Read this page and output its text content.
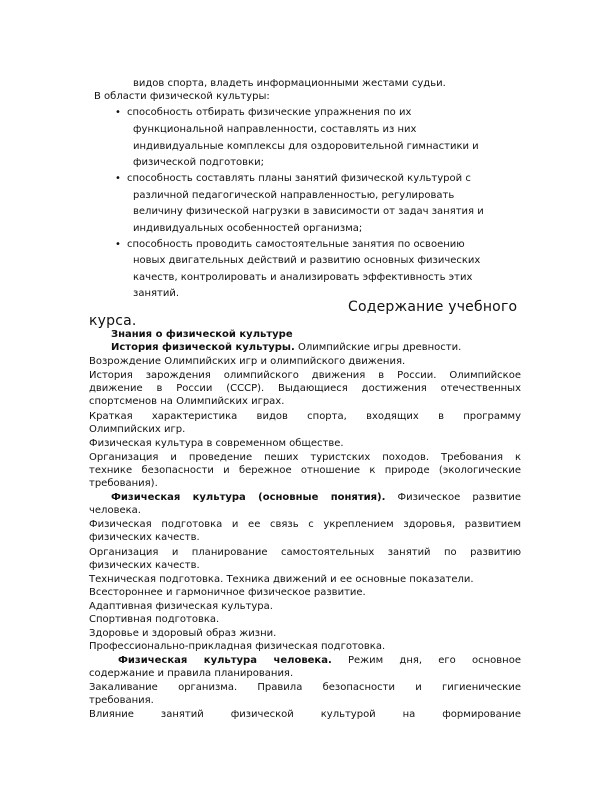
видов спорта, владеть информационными жестами судьи.
В области физической культуры:
• способность отбирать физические упражнения по их
функциональной направленности, составлять из них
индивидуальные комплексы для оздоровительной гимнастики и
физической подготовки;
• способность составлять планы занятий физической культурой с
различной педагогической направленностью, регулировать
величину физической нагрузки в зависимости от задач занятия и
индивидуальных особенностей организма;
• способность проводить самостоятельные занятия по освоению
новых двигательных действий и развитию основных физических
качеств, контролировать и анализировать эффективность этих
занятий.
Содержание учебного
курса.
Знания о физической культуре
История физической культуры. Олимпийские игры древности.
Возрождение Олимпийских игр и олимпийского движения.
История зарождения олимпийского движения в России. Олимпийское
движение в России (СССР). Выдающиеся достижения отечественных
спортсменов на Олимпийских играх.
Краткая характеристика видов спорта, входящих в программу
Олимпийских игр.
Физическая культура в современном обществе.
Организация и проведение пеших туристских походов. Требования к
технике безопасности и бережное отношение к природе (экологические
требования).
Физическая культура (основные понятия). Физическое развитие
человека.
Физическая подготовка и ее связь с укреплением здоровья, развитием
физических качеств.
Организация и планирование самостоятельных занятий по развитию
физических качеств.
Техническая подготовка. Техника движений и ее основные показатели.
Всестороннее и гармоничное физическое развитие.
Адаптивная физическая культура.
Спортивная подготовка.
Здоровье и здоровый образ жизни.
Профессионально-прикладная физическая подготовка.
Физическая культура человека. Режим дня, его основное
содержание и правила планирования.
Закаливание организма. Правила безопасности и гигиенические
требования.
Влияние занятий физической культурой на формирование
